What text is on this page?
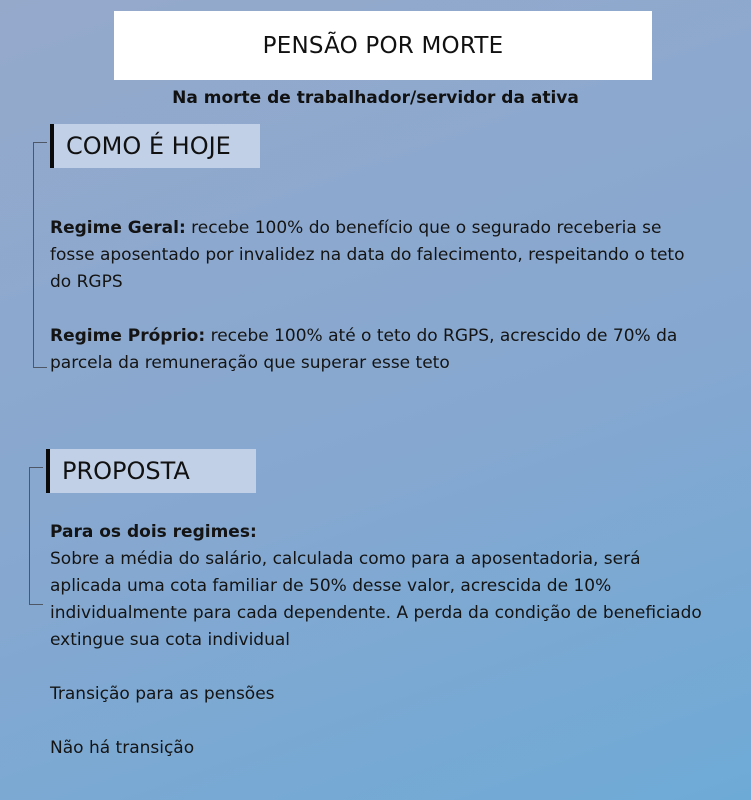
PENSÃO POR MORTE
Na morte de trabalhador/servidor da ativa
COMO É HOJE

Regime Geral: recebe 100% do benefício que o segurado receberia se fosse aposentado por invalidez na data do falecimento, respeitando o teto do RGPS

Regime Próprio: recebe 100% até o teto do RGPS, acrescido de 70% da parcela da remuneração que superar esse teto

PROPOSTA

Para os dois regimes:

Sobre a média do salário, calculada como para a aposentadoria, será aplicada uma cota familiar de 50% desse valor, acrescida de 10% individualmente para cada dependente. A perda da condição de beneficiado extingue sua cota individual

Transição para as pensões
Não há transição
